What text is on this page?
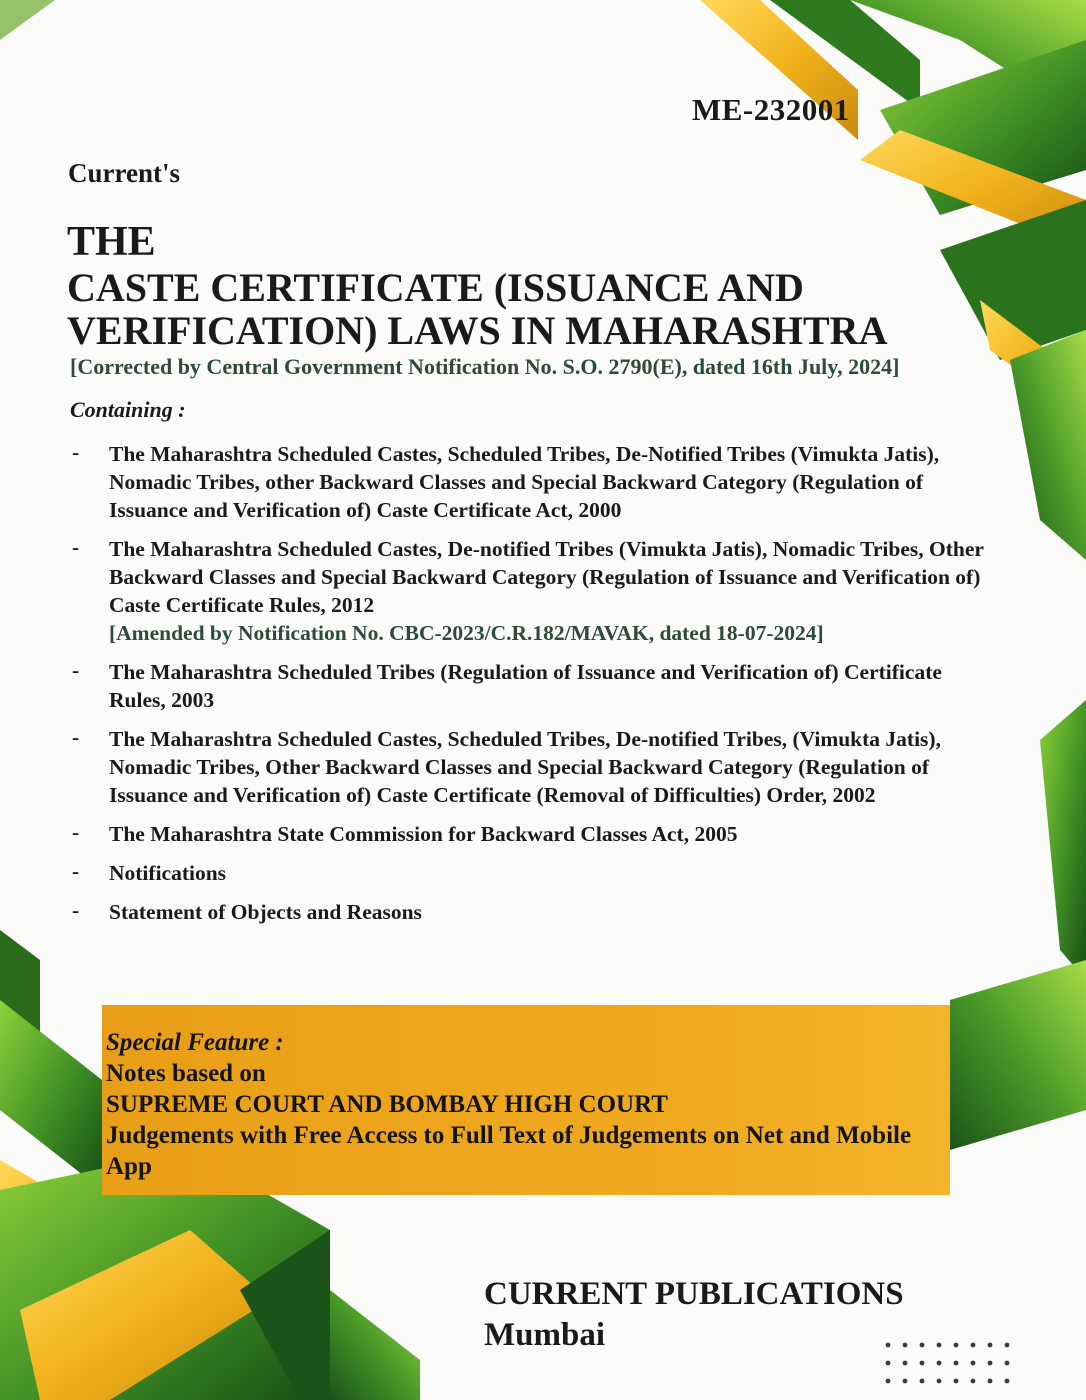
ME-232001
Current's
THE
CASTE CERTIFICATE (ISSUANCE AND VERIFICATION) LAWS IN MAHARASHTRA
[Corrected by Central Government Notification No. S.O. 2790(E), dated 16th July, 2024]
Containing :
- The Maharashtra Scheduled Castes, Scheduled Tribes, De-Notified Tribes (Vimukta Jatis), Nomadic Tribes, other Backward Classes and Special Backward Category (Regulation of Issuance and Verification of) Caste Certificate Act, 2000
- The Maharashtra Scheduled Castes, De-notified Tribes (Vimukta Jatis), Nomadic Tribes, Other Backward Classes and Special Backward Category (Regulation of Issuance and Verification of) Caste Certificate Rules, 2012
[Amended by Notification No. CBC-2023/C.R.182/MAVAK, dated 18-07-2024]
- The Maharashtra Scheduled Tribes (Regulation of Issuance and Verification of) Certificate Rules, 2003
- The Maharashtra Scheduled Castes, Scheduled Tribes, De-notified Tribes, (Vimukta Jatis), Nomadic Tribes, Other Backward Classes and Special Backward Category (Regulation of Issuance and Verification of) Caste Certificate (Removal of Difficulties) Order, 2002
- The Maharashtra State Commission for Backward Classes Act, 2005
- Notifications
- Statement of Objects and Reasons
Special Feature :
Notes based on
SUPREME COURT AND BOMBAY HIGH COURT
Judgements with Free Access to Full Text of Judgements on Net and Mobile App
CURRENT PUBLICATIONS
Mumbai
